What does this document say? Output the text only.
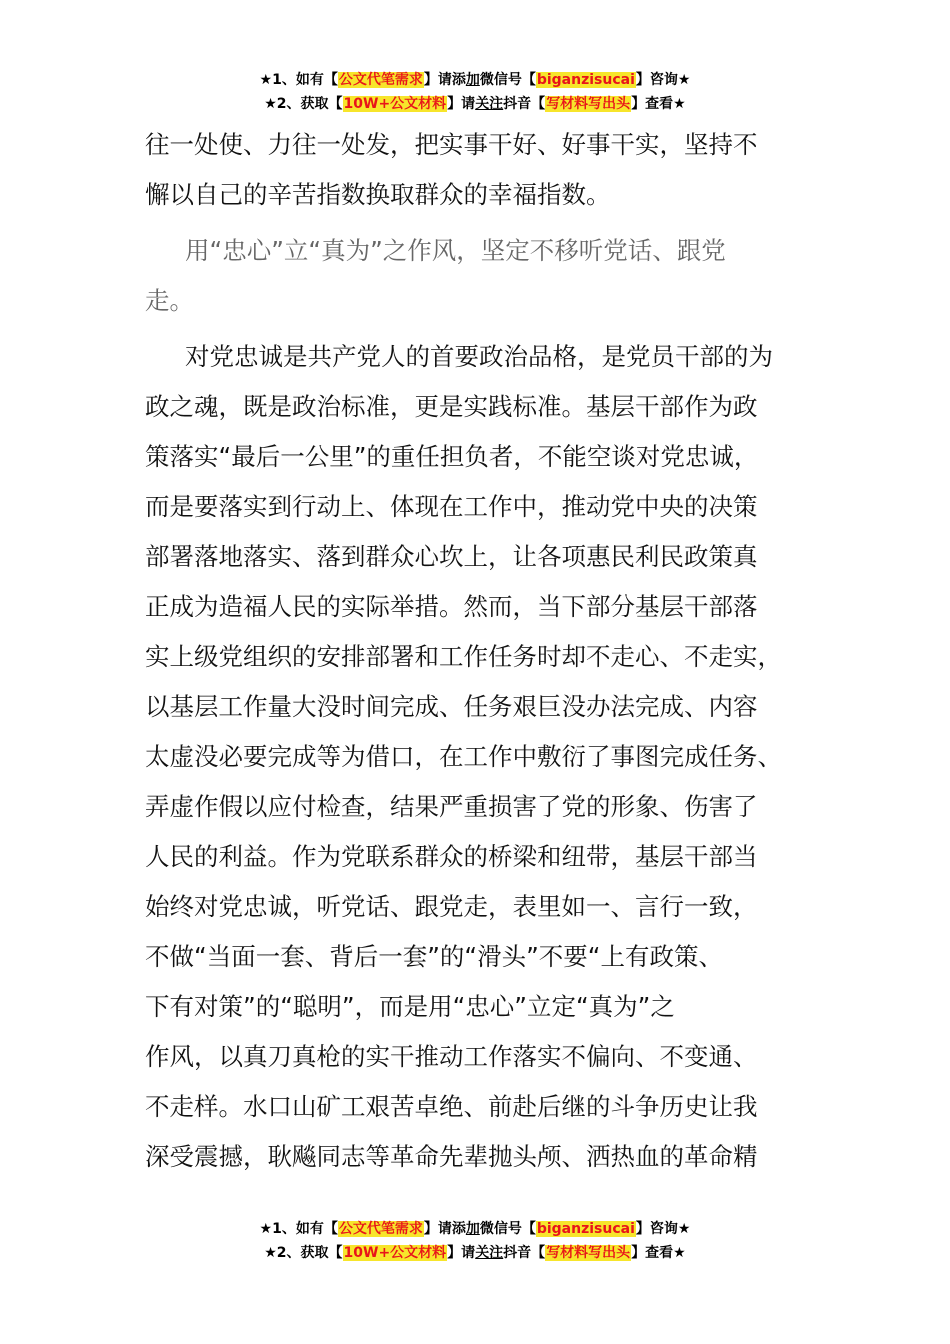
★1、如有【公文代笔需求】请添加微信号【biganzisucai】咨询★
★2、获取【10W+公文材料】请关注抖音【写材料写出头】查看★
往一处使、力往一处发，把实事干好、好事干实，坚持不
懈以自己的辛苦指数换取群众的幸福指数。
用“忠心”立“真为”之作风，坚定不移听党话、跟党
走。
对党忠诚是共产党人的首要政治品格，是党员干部的为
政之魂，既是政治标准，更是实践标准。基层干部作为政
策落实“最后一公里”的重任担负者，不能空谈对党忠诚，
而是要落实到行动上、体现在工作中，推动党中央的决策
部署落地落实、落到群众心坎上，让各项惠民利民政策真
正成为造福人民的实际举措。然而，当下部分基层干部落
实上级党组织的安排部署和工作任务时却不走心、不走实，
以基层工作量大没时间完成、任务艰巨没办法完成、内容
太虚没必要完成等为借口，在工作中敷衍了事图完成任务、
弄虚作假以应付检查，结果严重损害了党的形象、伤害了
人民的利益。作为党联系群众的桥梁和纽带，基层干部当
始终对党忠诚，听党话、跟党走，表里如一、言行一致，
不做“当面一套、背后一套”的“滑头”不要“上有政策、
下有对策”的“聪明”，而是用“忠心”立定“真为”之
作风，以真刀真枪的实干推动工作落实不偏向、不变通、
不走样。水口山矿工艰苦卓绝、前赴后继的斗争历史让我
深受震撼，耿飚同志等革命先辈抛头颅、洒热血的革命精
★1、如有【公文代笔需求】请添加微信号【biganzisucai】咨询★
★2、获取【10W+公文材料】请关注抖音【写材料写出头】查看★
